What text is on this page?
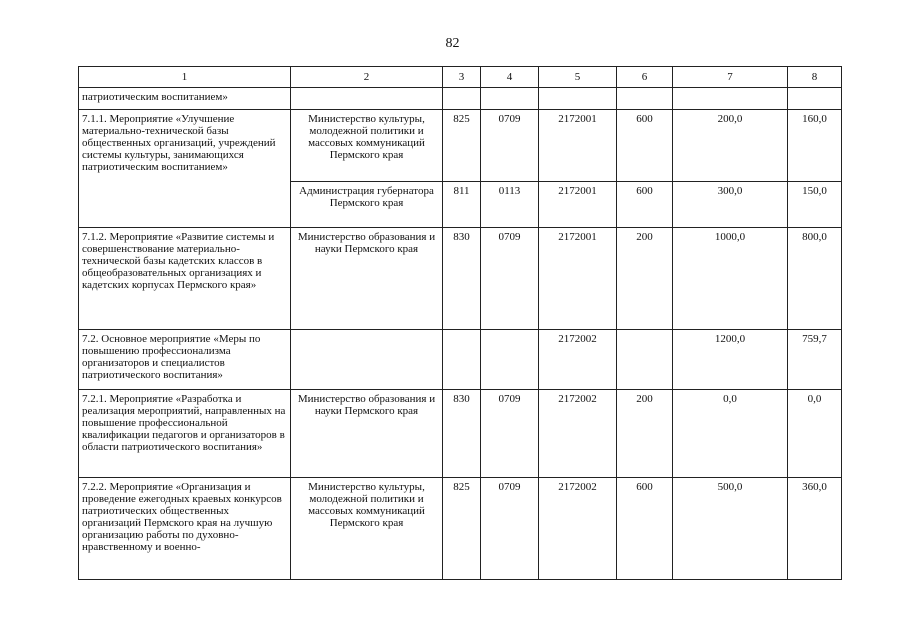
82
1	2	3	4	5	6	7	8
патриотическим воспитанием»							
7.1.1. Мероприятие «Улучшение материально-технической базы общественных организаций, учреждений системы культуры, занимающихся патриотическим воспитанием»	Министерство культуры, молодежной политики и массовых коммуникаций Пермского края	825	0709	2172001	600	200,0	160,0
	Администрация губернатора Пермского края	811	0113	2172001	600	300,0	150,0
7.1.2. Мероприятие «Развитие системы и совершенствование материально-технической базы кадетских классов в общеобразовательных организациях и кадетских корпусах Пермского края»	Министерство образования и науки Пермского края	830	0709	2172001	200	1000,0	800,0
7.2. Основное мероприятие «Меры по повышению профессионализма организаторов и специалистов патриотического воспитания»				2172002		1200,0	759,7
7.2.1. Мероприятие «Разработка и реализация мероприятий, направленных на повышение профессиональной квалификации педагогов и организаторов в области патриотического воспитания»	Министерство образования и науки Пермского края	830	0709	2172002	200	0,0	0,0
7.2.2. Мероприятие «Организация и проведение ежегодных краевых конкурсов патриотических общественных организаций Пермского края на лучшую организацию работы по духовно-нравственному и военно-	Министерство культуры, молодежной политики и массовых коммуникаций Пермского края	825	0709	2172002	600	500,0	360,0
